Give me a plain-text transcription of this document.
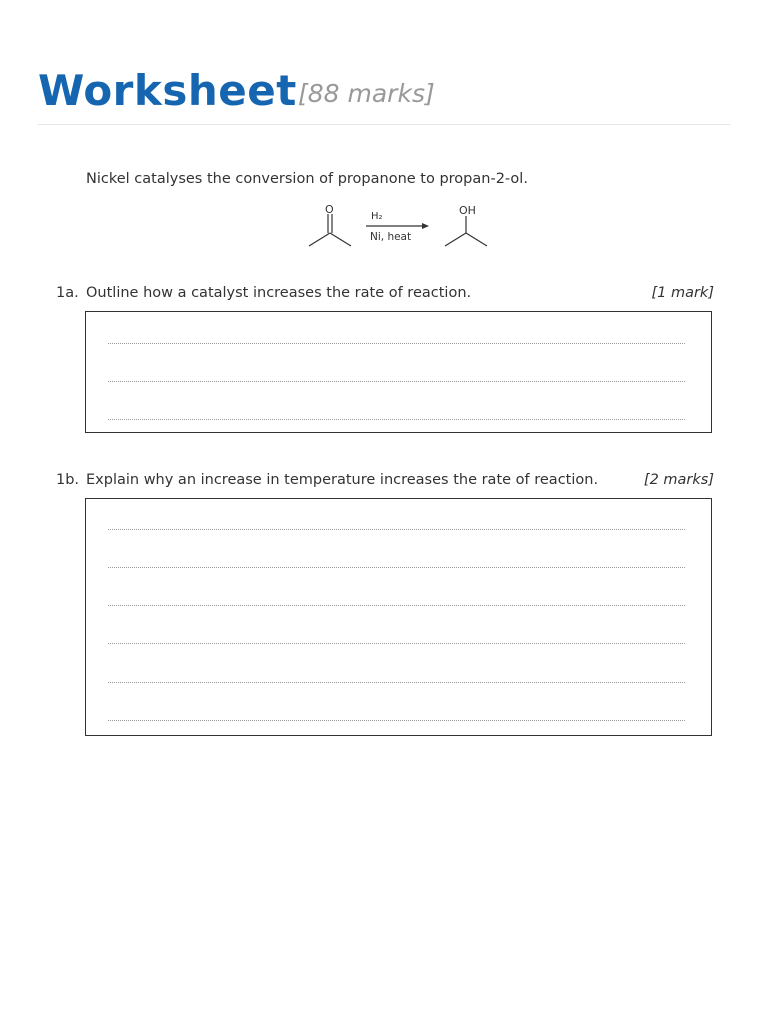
Worksheet [88 marks]
Nickel catalyses the conversion of propanone to propan-2-ol.
O
H₂
Ni, heat
OH
1a. Outline how a catalyst increases the rate of reaction.	[1 mark]
1b. Explain why an increase in temperature increases the rate of reaction.	[2 marks]
